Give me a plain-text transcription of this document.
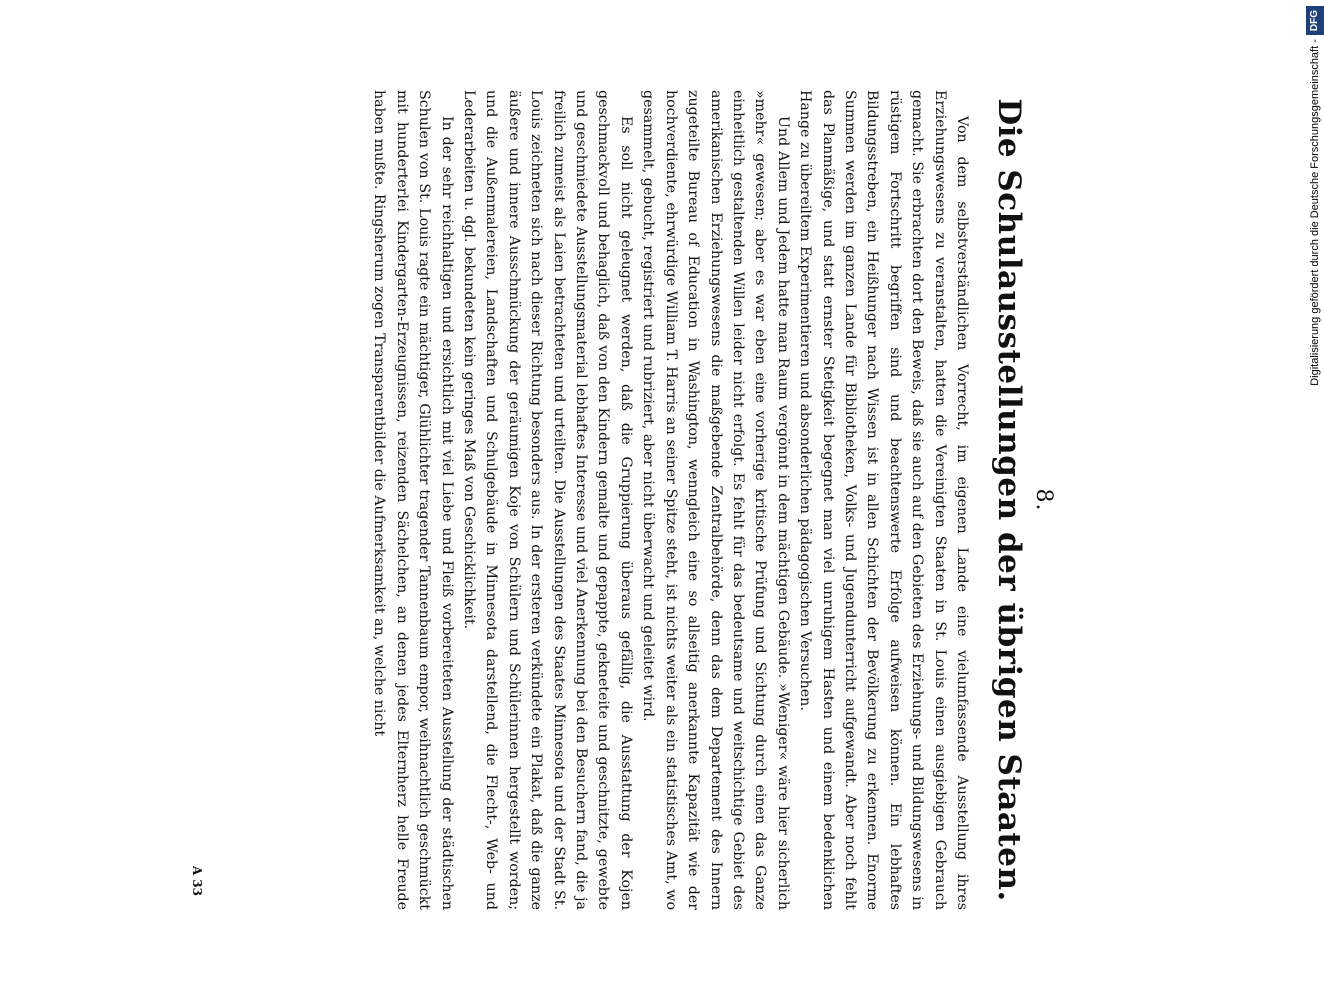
8.
Die Schulausstellungen der übrigen Staaten.

Von dem selbstverständlichen Vorrecht, im eigenen Lande eine vielumfassende Ausstellung ihres Erziehungswesens zu veranstalten, hatten die Vereinigten Staaten in St. Louis einen ausgiebigen Gebrauch gemacht. Sie erbrachten dort den Beweis, daß sie auch auf den Gebieten des Erziehungs- und Bildungswesens in rüstigem Fortschritt begriffen sind und beachtenswerte Erfolge aufweisen können. Ein lebhaftes Bildungsstreben, ein Heißhunger nach Wissen ist in allen Schichten der Bevölkerung zu erkennen. Enorme Summen werden im ganzen Lande für Bibliotheken, Volks- und Jugendunterricht aufgewandt. Aber noch fehlt das Planmäßige, und statt ernster Stetigkeit begegnet man viel unruhigem Hasten und einem bedenklichen Hange zu übereiltem Experimentieren und absonderlichen pädagogischen Versuchen.

Und Allem und Jedem hatte man Raum vergönnt in dem mächtigen Gebäude. »Weniger« wäre hier sicherlich »mehr« gewesen; aber es war eben eine vorherige kritische Prüfung und Sichtung durch einen das Ganze einheitlich gestaltenden Willen leider nicht erfolgt. Es fehlt für das bedeutsame und weitschichtige Gebiet des amerikanischen Erziehungswesens die maßgebende Zentralbehörde, denn das dem Departement des Innern zugeteilte Bureau of Education in Washington, wenngleich eine so allseitig anerkannte Kapazität wie der hochverdiente, ehrwürdige William T. Harris an seiner Spitze steht, ist nichts weiter als ein statistisches Amt, wo gesammelt, gebucht, registriert und rubriziert, aber nicht überwacht und geleitet wird.

Es soll nicht geleugnet werden, daß die Gruppierung überaus gefällig, die Ausstattung der Kojen geschmackvoll und behaglich, daß von den Kindern gemalte und gepappte, gekneteite und geschnitzte, gewebte und geschmiedete Ausstellungsmaterial lebhaftes Interesse und viel Anerkennung bei den Besuchern fand, die ja freilich zumeist als Laien betrachteten und urteilten. Die Ausstellungen des Staates Minnesota und der Stadt St. Louis zeichneten sich nach dieser Richtung besonders aus. In der ersteren verkündete ein Plakat, daß die ganze äußere und innere Ausschmückung der geräumigen Koje von Schülern und Schülerinnen hergestellt worden; und die Außenmalereien, Landschaften und Schulgebäude in Minnesota darstellend, die Flecht-, Web- und Lederarbeiten u. dgl. bekundeten kein geringes Maß von Geschicklichkeit.

In der sehr reichhaltigen und ersichtlich mit viel Liebe und Fleiß vorbereiteten Ausstellung der städtischen Schulen von St. Louis ragte ein mächtiger, Glühlichter tragender Tannenbaum empor, weihnachtlich geschmückt mit hunderterlei Kindergarten-Erzeugnissen, reizenden Sächelchen, an denen jedes Elternherz helle Freude haben mußte. Ringsherum zogen Transparentbilder die Aufmerksamkeit an, welche nicht

A 33
Digitalisierung gefördert durch die Deutsche Forschungsgemeinschaft -
DFG
